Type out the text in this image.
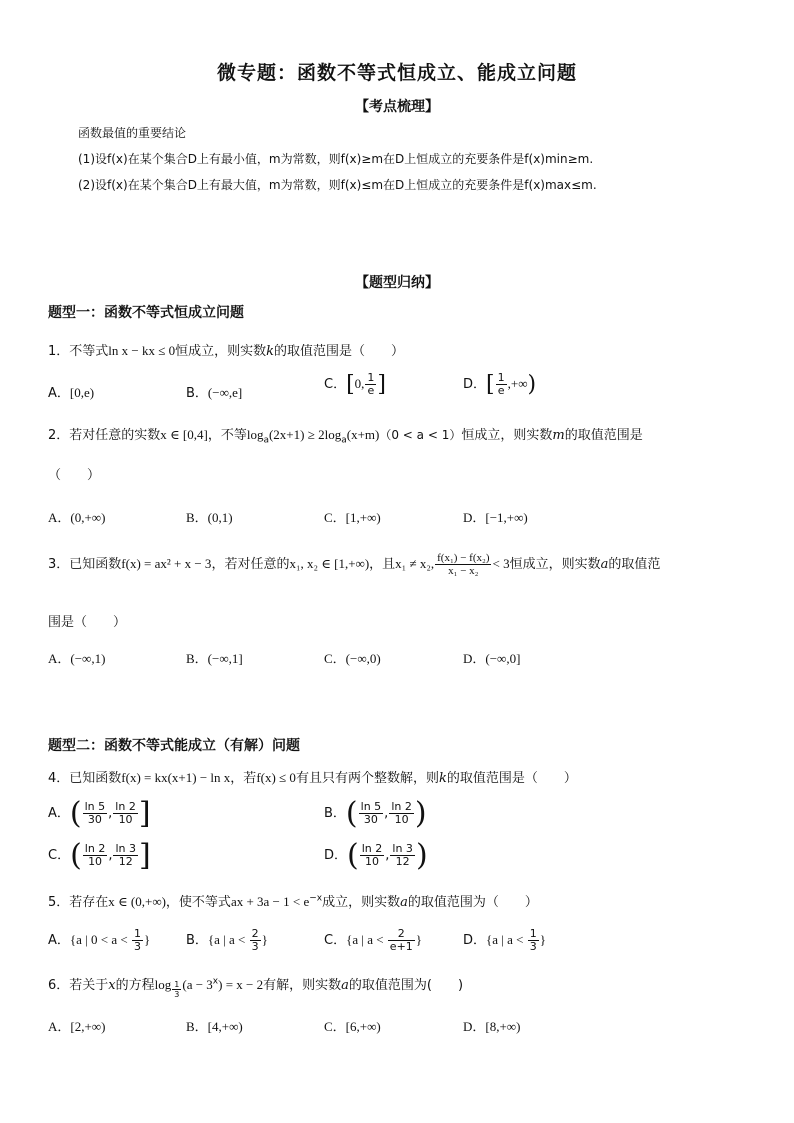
微专题：函数不等式恒成立、能成立问题
【考点梳理】
函数最值的重要结论
(1)设f(x)在某个集合D上有最小值，m为常数，则f(x)≥m在D上恒成立的充要条件是f(x)min≥m.
(2)设f(x)在某个集合D上有最大值，m为常数，则f(x)≤m在D上恒成立的充要条件是f(x)max≤m.
【题型归纳】
题型一：函数不等式恒成立问题
1．不等式ln x − kx ≤ 0恒成立，则实数k的取值范围是（　　）
A．[0,e)	B．(−∞,e]
C．[0, $\frac{1}{e}$ ]	D．[ $\frac{1}{e}$ ,+∞)
2．若对任意的实数x ∈ [0,4]，不等$\log_a(2x+1) \ge 2\log_a(x+m)(0 < a < 1)$恒成立，则实数m的取值范围是
（　　）
A．(0,+∞)	B．(0,1)	C．[1,+∞)	D．[−1,+∞)
3．已知函数f(x) = ax² + x − 3，若对任意的x₁, x₂ ∈ [1,+∞)，且x₁ ≠ x₂, $\frac{\text{f(x₁) − f(x₂)}}{\text{x₁ − x₂}} < 3$恒成立，则实数a的取值范
围是（　　）
A．(−∞,1)	B．(−∞,1]	C．(−∞,0)	D．(−∞,0]
题型二：函数不等式能成立（有解）问题
4．已知函数f(x) = kx(x+1) − ln x，若f(x) ≤ 0有且只有两个整数解，则k的取值范围是（　　）
A．( $\frac{\ln 5}{30}$ , $\frac{\ln 2}{10}$ ]	B．( $\frac{\ln 5}{30}$ , $\frac{\ln 2}{10}$ )
C．( $\frac{\ln 2}{10}$ , $\frac{\ln 3}{12}$ ]	D．( $\frac{\ln 2}{10}$ , $\frac{\ln 3}{12}$ )
5．若存在x ∈ (0,+∞)，使不等式ax + $3a - 1 < e^{-x}$成立，则实数a的取值范围为（　　）
A．{a | $0 < a < \frac{1}{3}$ }	B．{a | $a < \frac{2}{3}$ }	C．{a | $a < \frac{2}{e+1}$ }	D．{a | $a < \frac{1}{3}$ }
6．若关于x的方程$\log \frac{1}{3} (a - 3^x) = x - 2$有解，则实数a的取值范围为(　　)
A．[2,+∞)	B．[4,+∞)	C．[6,+∞)	D．[8,+∞)
